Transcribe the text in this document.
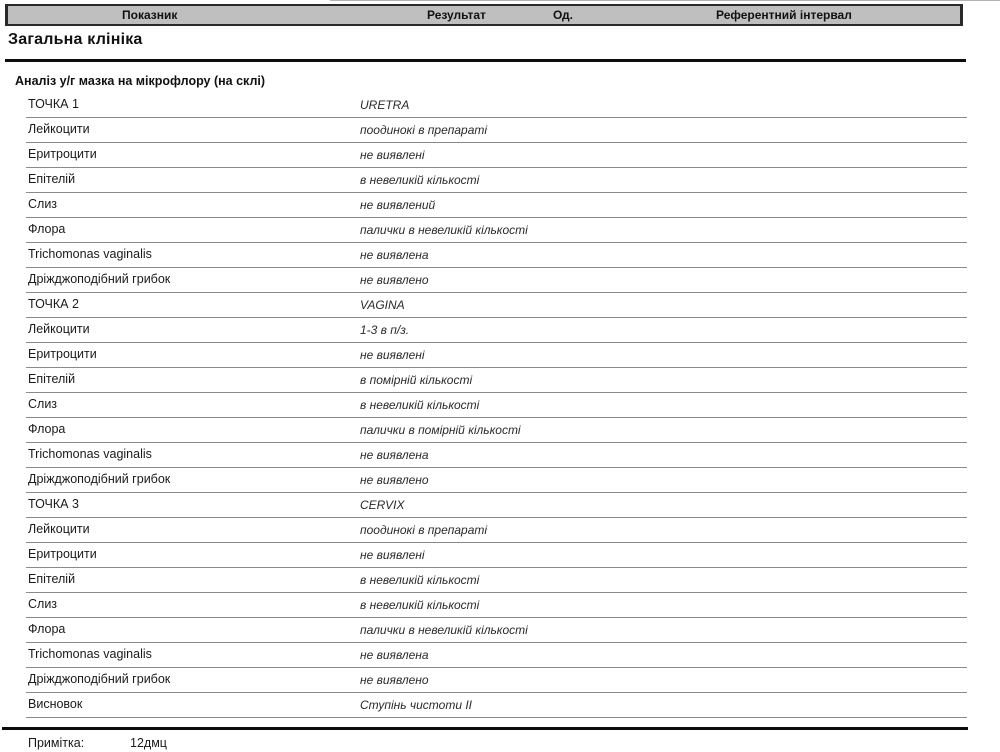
Показник	Результат	Од.	Референтний інтервал
Загальна клініка
Аналіз у/г мазка на мікрофлору (на склі)
ТОЧКА 1	URETRA
Лейкоцити	поодинокі в препараті
Еритроцити	не виявлені
Епітелій	в невеликій кількості
Слиз	не виявлений
Флора	палички в невеликій кількості
Trichomonas vaginalis	не виявлена
Дріжджоподібний грибок	не виявлено
ТОЧКА 2	VAGINA
Лейкоцити	1-3 в п/з.
Еритроцити	не виявлені
Епітелій	в помірній кількості
Слиз	в невеликій кількості
Флора	палички в помірній кількості
Trichomonas vaginalis	не виявлена
Дріжджоподібний грибок	не виявлено
ТОЧКА 3	CERVIX
Лейкоцити	поодинокі в препараті
Еритроцити	не виявлені
Епітелій	в невеликій кількості
Слиз	в невеликій кількості
Флора	палички в невеликій кількості
Trichomonas vaginalis	не виявлена
Дріжджоподібний грибок	не виявлено
Висновок	Ступінь чистоти II
Примітка:	12дмц
